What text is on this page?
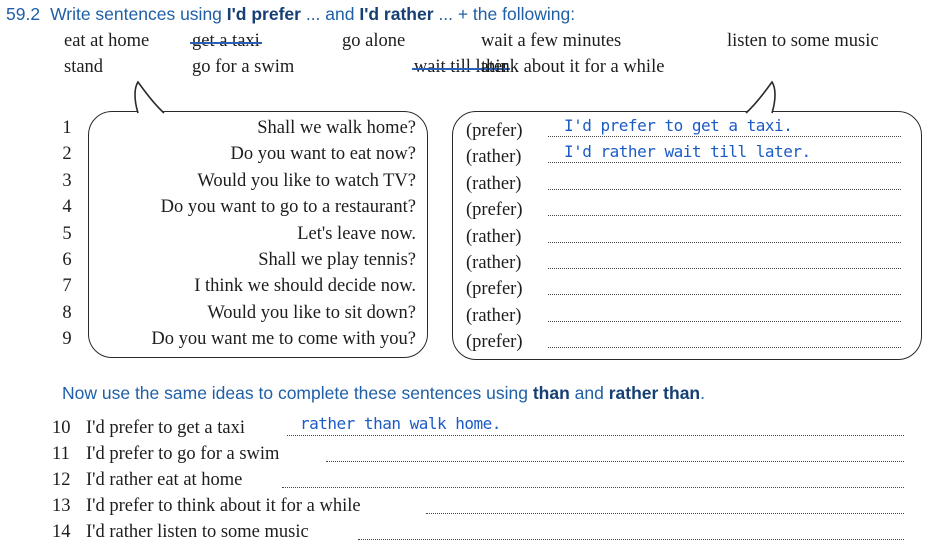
59.2 Write sentences using I'd prefer ... and I'd rather ... + the following:
eat at home get a taxi	go alone	wait a few minutes	listen to some music
stand	go for a swim	wait till later
think about it for a while
1	Shall we walk home?	(prefer)	I'd prefer to get a taxi.
2	Do you want to eat now?	(rather)	I'd rather wait till later.
3	Would you like to watch TV?	(rather)
4	Do you want to go to a restaurant?	(prefer)
5	Let's leave now.	(rather)
6	Shall we play tennis?	(rather)
7	I think we should decide now.	(prefer)
8	Would you like to sit down?	(rather)
9	Do you want me to come with you?	(prefer)
Now use the same ideas to complete these sentences using than and rather than.
10 I'd prefer to get a taxi	rather than walk home.
11 I'd prefer to go for a swim
12 I'd rather eat at home
13 I'd prefer to think about it for a while
14 I'd rather listen to some music
